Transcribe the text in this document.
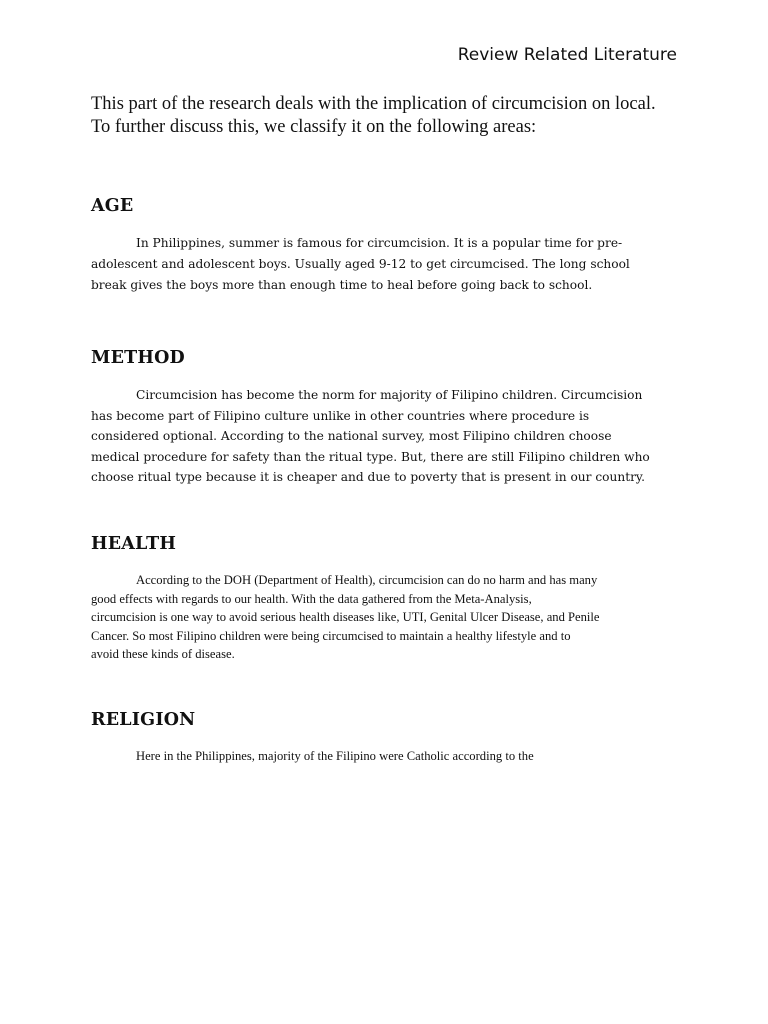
Review Related Literature
This part of the research deals with the implication of circumcision on local.
To further discuss this, we classify it on the following areas:
AGE
In Philippines, summer is famous for circumcision. It is a popular time for pre-
adolescent and adolescent boys. Usually aged 9-12 to get circumcised. The long school
break gives the boys more than enough time to heal before going back to school.
METHOD
Circumcision has become the norm for majority of Filipino children. Circumcision
has become part of Filipino culture unlike in other countries where procedure is
considered optional. According to the national survey, most Filipino children choose
medical procedure for safety than the ritual type. But, there are still Filipino children who
choose ritual type because it is cheaper and due to poverty that is present in our country.
HEALTH
According to the DOH (Department of Health), circumcision can do no harm and has many
good effects with regards to our health. With the data gathered from the Meta-Analysis,
circumcision is one way to avoid serious health diseases like, UTI, Genital Ulcer Disease, and Penile
Cancer. So most Filipino children were being circumcised to maintain a healthy lifestyle and to
avoid these kinds of disease.
RELIGION
Here in the Philippines, majority of the Filipino were Catholic according to the
